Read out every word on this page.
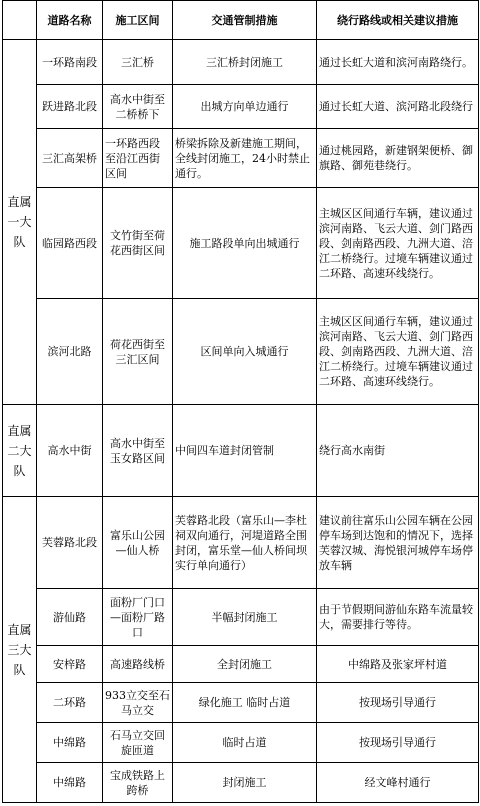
	道路名称	施工区间	交通管制措施	绕行路线或相关建议措施

直属一大队	一环路南段	三汇桥	三汇桥封闭施工	通过长虹大道和滨河南路绕行。
	跃进路北段	高水中街至二桥桥下	出城方向单边通行	通过长虹大道、滨河路北段绕行
	三汇高架桥	一环路西段至沿江西街区间	桥梁拆除及新建施工期间，全线封闭施工，24小时禁止通行。	通过桃园路，新建钢架便桥、御旗路、御苑巷绕行。
	临园路西段	文竹街至荷花西街区间	施工路段单向出城通行	主城区区间通行车辆，建议通过滨河南路、飞云大道、剑门路西段、剑南路西段、九洲大道、涪江二桥绕行。过境车辆建议通过二环路、高速环线绕行。
	滨河北路	荷花西街至三汇区间	区间单向入城通行	主城区区间通行车辆，建议通过滨河南路、飞云大道、剑门路西段、剑南路西段、九洲大道、涪江二桥绕行。过境车辆建议通过二环路、高速环线绕行。

直属二大队	高水中街	高水中街至玉女路区间	中间四车道封闭管制	绕行高水南街

直属三大队	芙蓉路北段	富乐山公园—仙人桥	芙蓉路北段（富乐山—李杜祠双向通行，河堤道路全围封闭，富乐堂—仙人桥间坝实行单向通行）	建议前往富乐山公园车辆在公园停车场到达饱和的情况下，选择芙蓉汉城、海悦银河城停车场停放车辆
	游仙路	面粉厂门口—面粉厂路口	半幅封闭施工	由于节假期间游仙东路车流量较大，需要排行等待。
	安梓路	高速路线桥	全封闭施工	中绵路及张家坪村道
	二环路	933立交至石马立交	绿化施工 临时占道	按现场引导通行
	中绵路	石马立交回旋匝道	临时占道	按现场引导通行
	中绵路	宝成铁路上跨桥	封闭施工	经文峰村通行
